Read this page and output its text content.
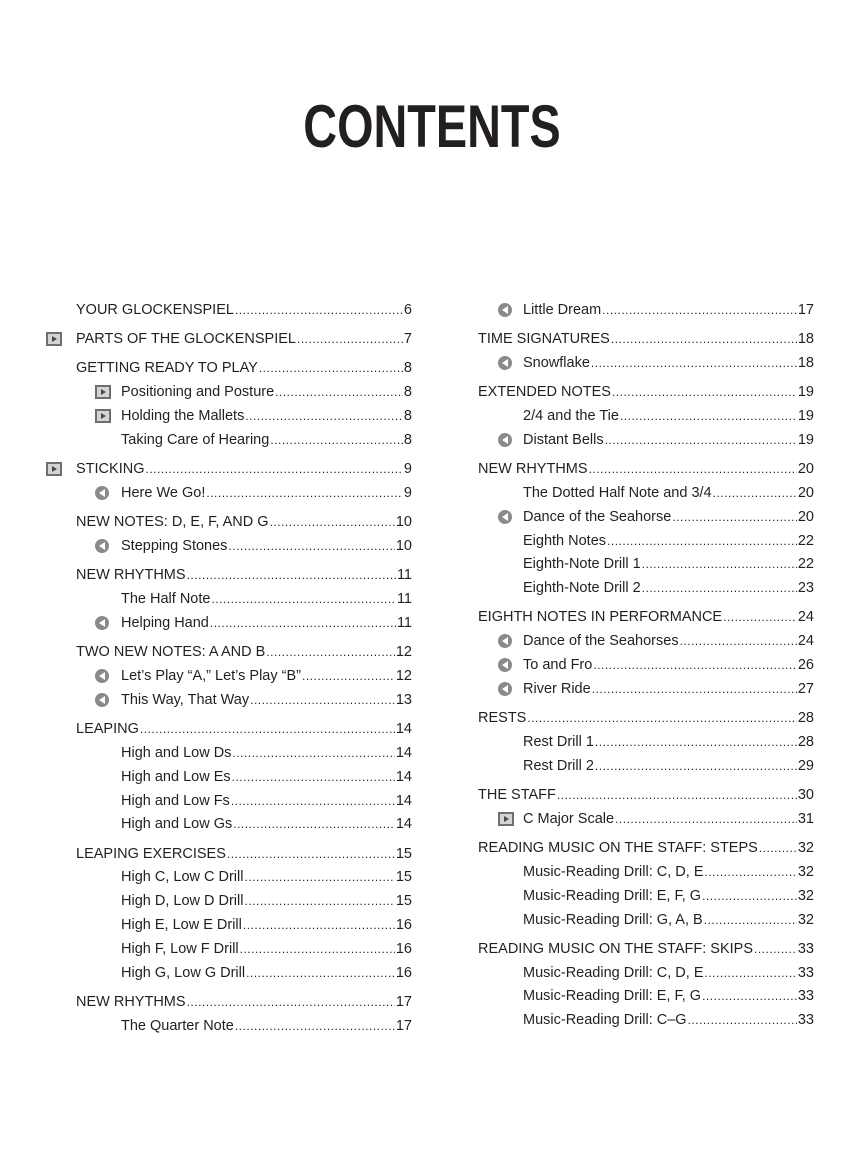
CONTENTS
YOUR GLOCKENSPIEL .....	6
PARTS OF THE GLOCKENSPIEL .....	7
GETTING READY TO PLAY .....	8
Positioning and Posture .....	8
Holding the Mallets .....	8
Taking Care of Hearing .....	8
STICKING .....	9
Here We Go! .....	9
NEW NOTES: D, E, F, AND G .....	10
Stepping Stones .....	10
NEW RHYTHMS .....	11
The Half Note .....	11
Helping Hand .....	11
TWO NEW NOTES: A AND B .....	12
Let’s Play “A,” Let’s Play “B” .....	12
This Way, That Way .....	13
LEAPING .....	14
High and Low Ds .....	14
High and Low Es .....	14
High and Low Fs .....	14
High and Low Gs .....	14
LEAPING EXERCISES .....	15
High C, Low C Drill .....	15
High D, Low D Drill .....	15
High E, Low E Drill .....	16
High F, Low F Drill .....	16
High G, Low G Drill .....	16
NEW RHYTHMS .....	17
The Quarter Note .....	17
Little Dream .....	17
TIME SIGNATURES .....	18
Snowflake .....	18
EXTENDED NOTES .....	19
2/4 and the Tie .....	19
Distant Bells .....	19
NEW RHYTHMS .....	20
The Dotted Half Note and 3/4 .....	20
Dance of the Seahorse .....	20
Eighth Notes .....	22
Eighth-Note Drill 1 .....	22
Eighth-Note Drill 2 .....	23
EIGHTH NOTES IN PERFORMANCE .....	24
Dance of the Seahorses .....	24
To and Fro .....	26
River Ride .....	27
RESTS .....	28
Rest Drill 1 .....	28
Rest Drill 2 .....	29
THE STAFF .....	30
C Major Scale .....	31
READING MUSIC ON THE STAFF: STEPS .....	32
Music-Reading Drill: C, D, E .....	32
Music-Reading Drill: E, F, G .....	32
Music-Reading Drill: G, A, B .....	32
READING MUSIC ON THE STAFF: SKIPS .....	33
Music-Reading Drill: C, D, E .....	33
Music-Reading Drill: E, F, G .....	33
Music-Reading Drill: C–G .....	33
